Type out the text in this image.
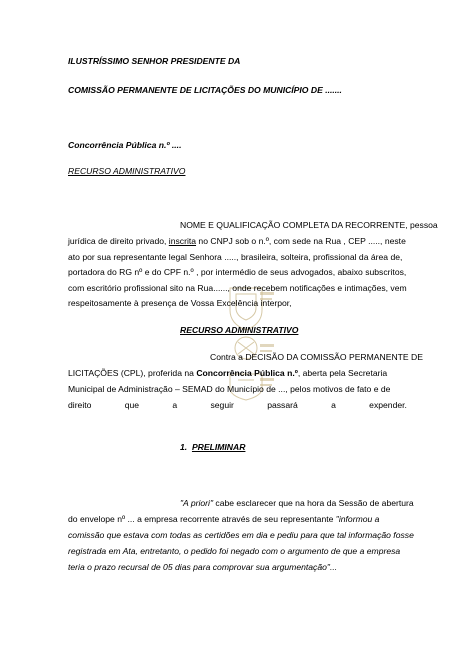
ILUSTRÍSSIMO SENHOR PRESIDENTE DA
COMISSÃO PERMANENTE DE LICITAÇÕES DO MUNICÍPIO DE .......
Concorrência Pública n.º ....
RECURSO ADMINISTRATIVO
NOME E QUALIFICAÇÃO COMPLETA DA RECORRENTE, pessoa
jurídica de direito privado, inscrita no CNPJ sob o n.º, com sede na Rua , CEP ....., neste
ato por sua representante legal Senhora ....., brasileira, solteira, profissional da área de,
portadora do RG nº e do CPF n.º , por intermédio de seus advogados, abaixo subscritos,
com escritório profissional sito na Rua......, onde recebem notificações e intimações, vem
respeitosamente à presença de Vossa Excelência interpor,
RECURSO ADMINISTRATIVO
Contra a DECISÃO DA COMISSÃO PERMANENTE DE
LICITAÇÕES (CPL), proferida na Concorrência Pública n.º, aberta pela Secretaria
Municipal de Administração – SEMAD do Município de ..., pelos motivos de fato e de
direito	que	a	seguir	passará	a	expender.
1. PRELIMINAR
"A priori" cabe esclarecer que na hora da Sessão de abertura
do envelope nº ... a empresa recorrente através de seu representante "informou a
comissão que estava com todas as certidões em dia e pediu para que tal informação fosse
registrada em Ata, entretanto, o pedido foi negado com o argumento de que a empresa
teria o prazo recursal de 05 dias para comprovar sua argumentação"...
